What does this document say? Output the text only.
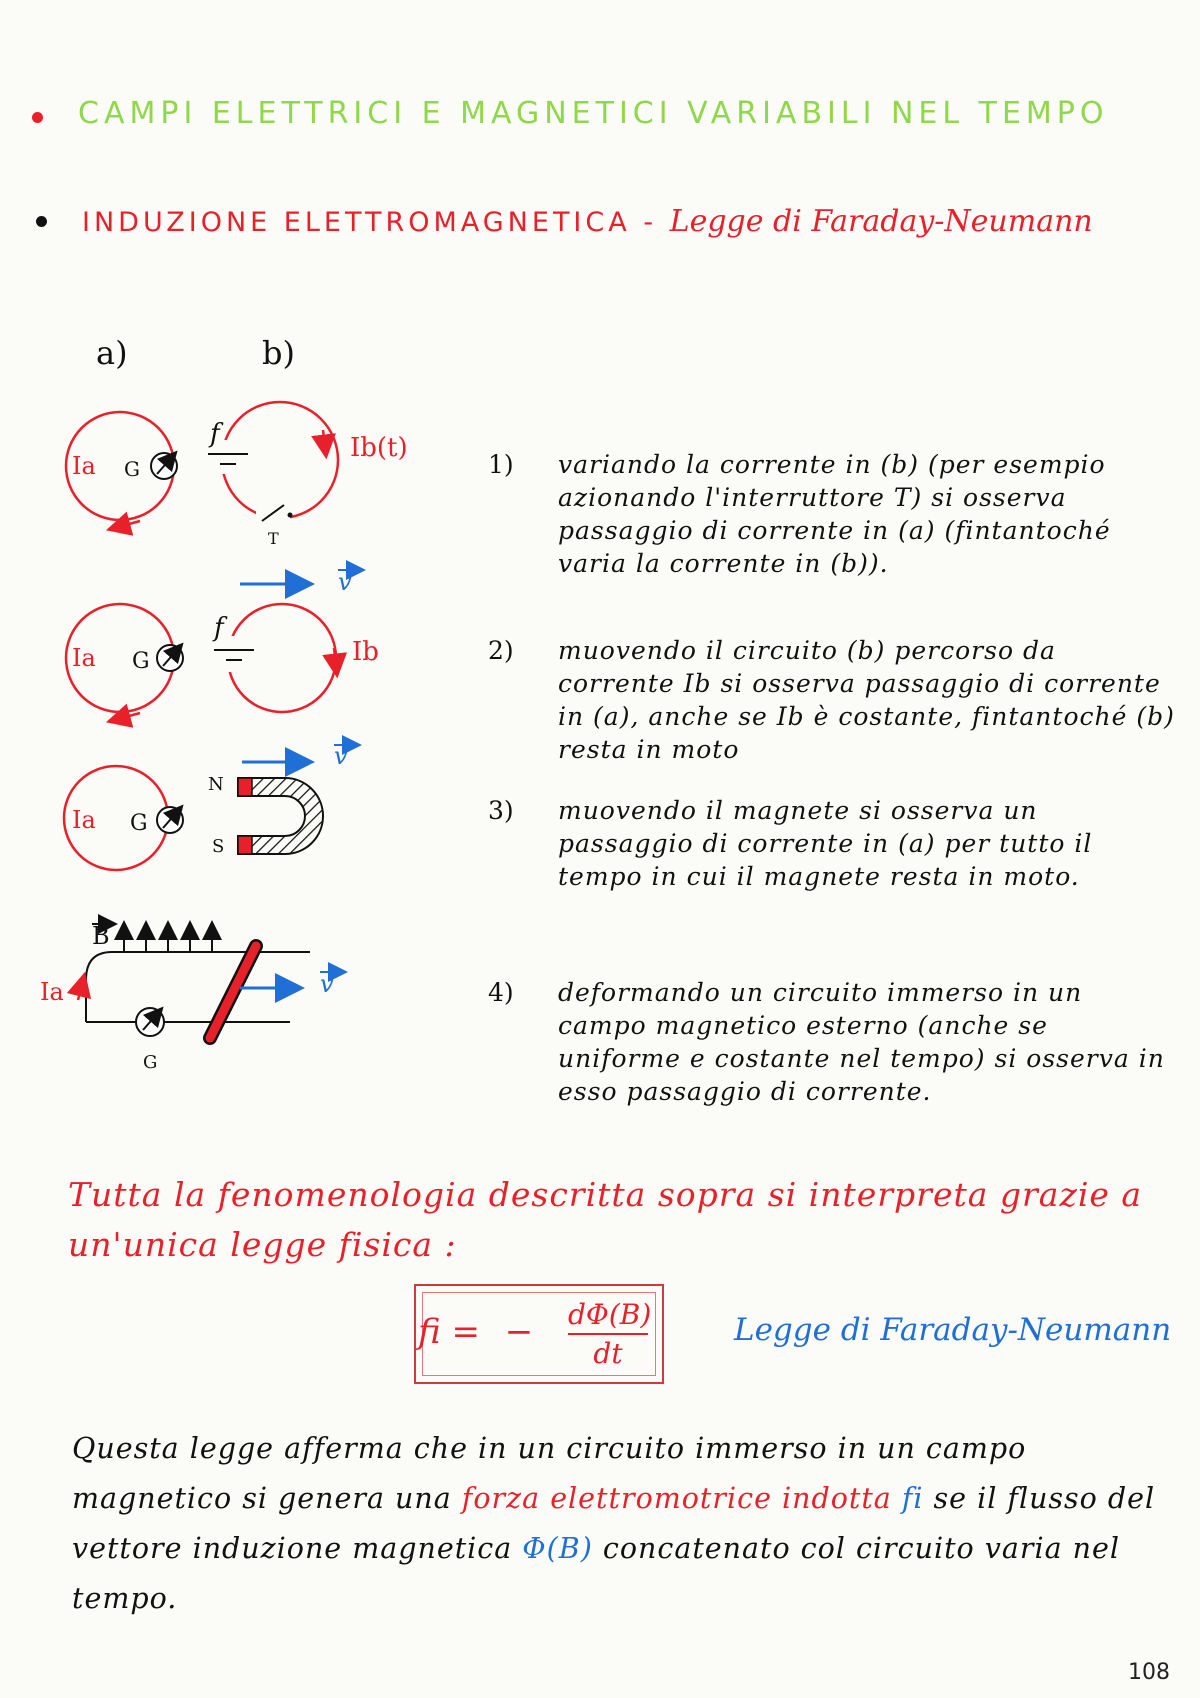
CAMPI ELETTRICI E MAGNETICI VARIABILI NEL TEMPO
INDUZIONE ELETTROMAGNETICA - Legge di Faraday-Neumann
a)	b)
Ia G
f	Ib(t)
T
v
Ia G
f
Ib
v
Ia G
N
S
B
Ia
G
v
1) variando la corrente in (b) (per esempio azionando l'interruttore T) si osserva passaggio di corrente in (a) (fintantoché varia la corrente in (b)).
2) muovendo il circuito (b) percorso da corrente Ib si osserva passaggio di corrente in (a), anche se Ib è costante, fintantoché (b) resta in moto
3) muovendo il magnete si osserva un passaggio di corrente in (a) per tutto il tempo in cui il magnete resta in moto.
4) deformando un circuito immerso in un campo magnetico esterno (anche se uniforme e costante nel tempo) si osserva in esso passaggio di corrente.
Tutta la fenomenologia descritta sopra si interpreta grazie a un'unica legge fisica :
fi = − dΦ(B)
dt
Legge di Faraday-Neumann
Questa legge afferma che in un circuito immerso in un campo magnetico si genera una forza elettromotrice indotta fi se il flusso del vettore induzione magnetica Φ(B) concatenato col circuito varia nel tempo.
108
